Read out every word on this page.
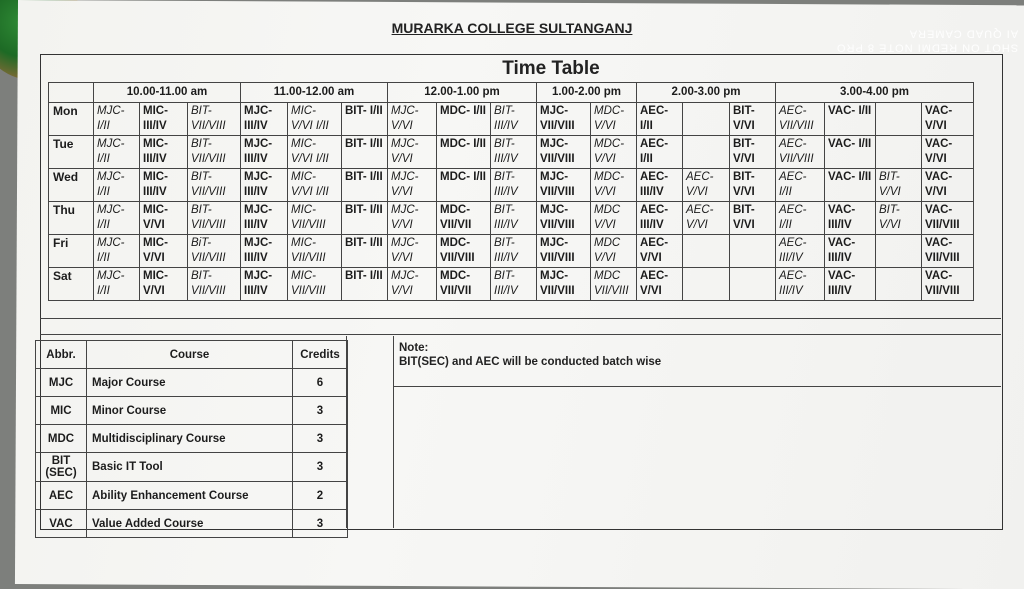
SHOT ON REDMI NOTE 8 PRO
AI QUAD CAMERA
MURARKA COLLEGE SULTANGANJ
Time Table
	10.00-11.00 am			11.00-12.00 am			12.00-1.00 pm			1.00-2.00 pm		2.00-3.00 pm			3.00-4.00 pm			
Mon	MJC- I/II	MIC- III/IV	BIT- VII/VIII	MJC- III/IV	MIC- V/VI I/II	BIT- I/II	MJC- V/VI	MDC- I/II	BIT- III/IV	MJC- VII/VIII	MDC- V/VI	AEC- I/II		BIT- V/VI	AEC- VII/VIII	VAC- I/II		VAC- V/VI
Tue	MJC- I/II	MIC- III/IV	BIT- VII/VIII	MJC- III/IV	MIC- V/VI I/II	BIT- I/II	MJC- V/VI	MDC- I/II	BIT- III/IV	MJC- VII/VIII	MDC- V/VI	AEC- I/II		BIT- V/VI	AEC- VII/VIII	VAC- I/II		VAC- V/VI
Wed	MJC- I/II	MIC- III/IV	BIT- VII/VIII	MJC- III/IV	MIC- V/VI I/II	BIT- I/II	MJC- V/VI	MDC- I/II	BIT- III/IV	MJC- VII/VIII	MDC- V/VI	AEC- III/IV	AEC- V/VI	BIT- V/VI	AEC- I/II	VAC- I/II	BIT- V/VI	VAC- V/VI
Thu	MJC- I/II	MIC- V/VI	BIT- VII/VIII	MJC- III/IV	MIC- VII/VIII	BIT- I/II	MJC- V/VI	MDC- VII/VII	BIT- III/IV	MJC- VII/VIII	MDC V/VI	AEC- III/IV	AEC- V/VI	BIT- V/VI	AEC- I/II	VAC- III/IV	BIT- V/VI	VAC- VII/VIII
Fri	MJC- I/II	MIC- V/VI	BiT- VII/VIII	MJC- III/IV	MIC- VII/VIII	BIT- I/II	MJC- V/VI	MDC- VII/VIII	BIT- III/IV	MJC- VII/VIII	MDC V/VI	AEC- V/VI			AEC- III/IV	VAC- III/IV		VAC- VII/VIII
Sat	MJC- I/II	MIC- V/VI	BIT- VII/VIII	MJC- III/IV	MIC- VII/VIII	BIT- I/II	MJC- V/VI	MDC- VII/VII	BIT- III/IV	MJC- VII/VIII	MDC VII/VIII	AEC- V/VI			AEC- III/IV	VAC- III/IV		VAC- VII/VIII
Abbr.	Course	Credits
MJC	Major Course	6
MIC	Minor Course	3
MDC	Multidisciplinary Course	3
BIT (SEC)	Basic IT Tool	3
AEC	Ability Enhancement Course	2
VAC	Value Added Course	3
Note:
BIT(SEC) and AEC will be conducted batch wise
